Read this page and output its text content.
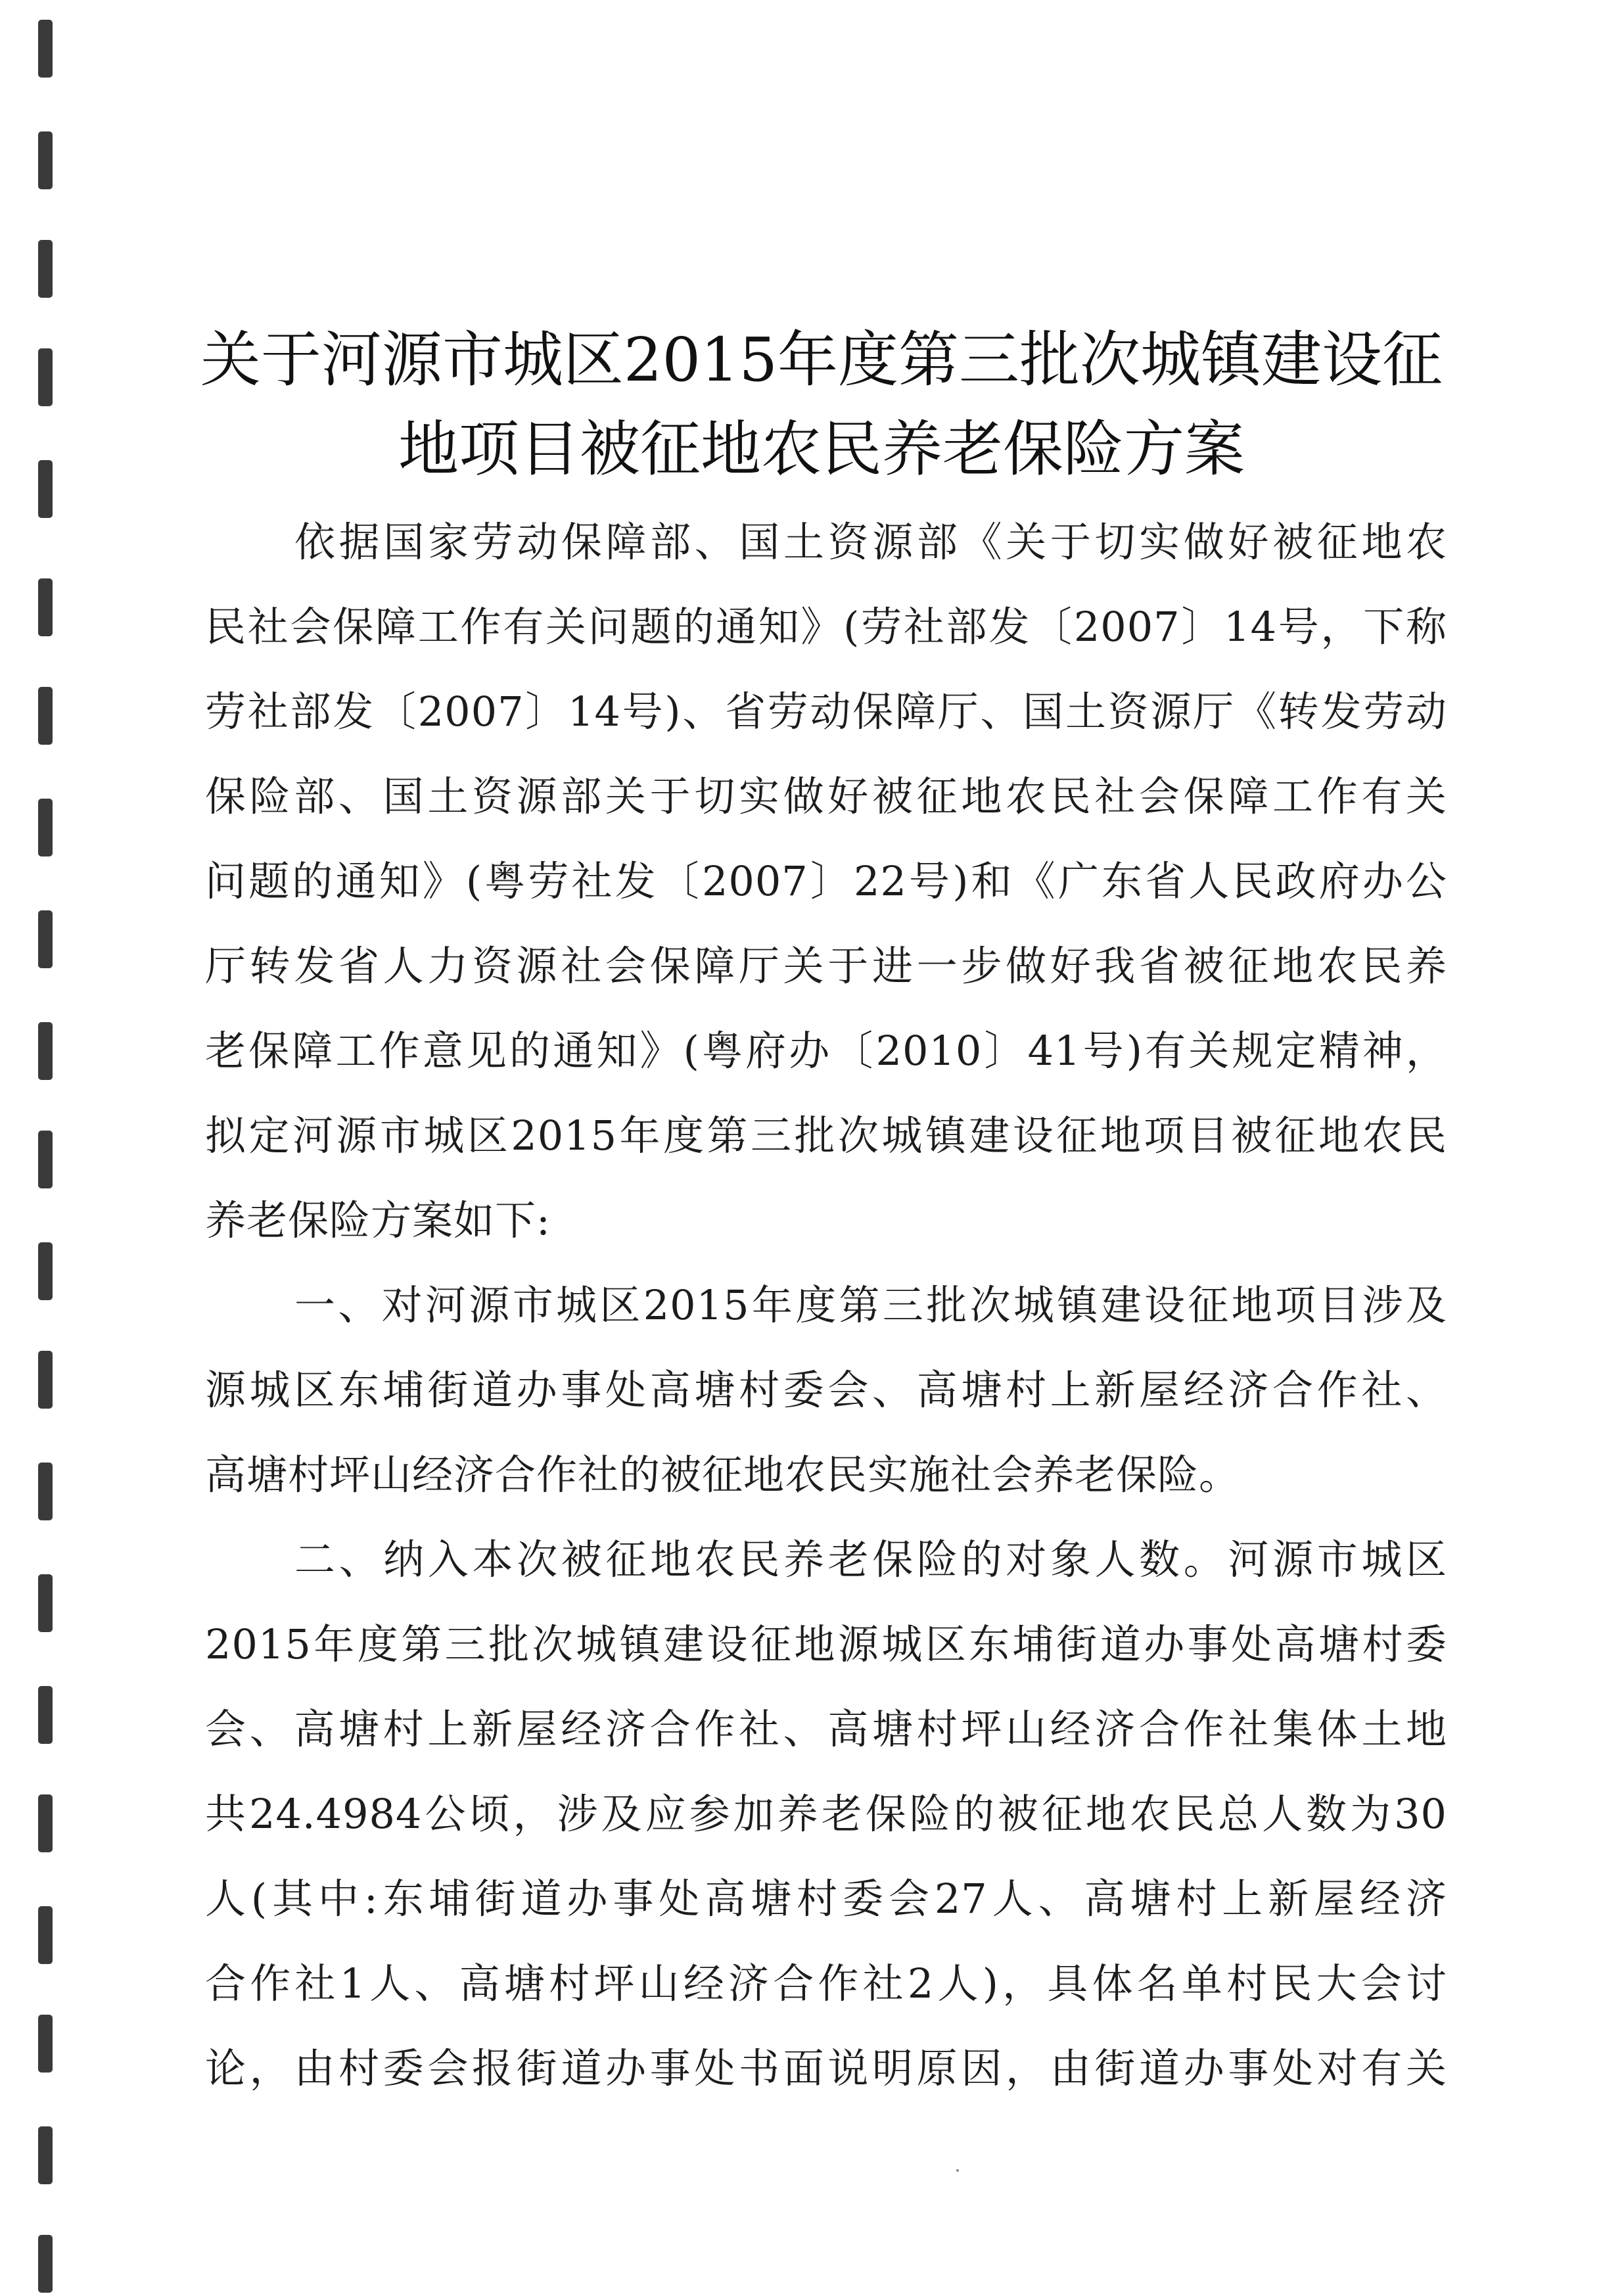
关于河源市城区2015年度第三批次城镇建设征
地项目被征地农民养老保险方案
依据国家劳动保障部、国土资源部《关于切实做好被征地农
民社会保障工作有关问题的通知》(劳社部发〔2007〕14号，下称
劳社部发〔2007〕14号)、省劳动保障厅、国土资源厅《转发劳动
保险部、国土资源部关于切实做好被征地农民社会保障工作有关
问题的通知》(粤劳社发〔2007〕22号)和《广东省人民政府办公
厅转发省人力资源社会保障厅关于进一步做好我省被征地农民养
老保障工作意见的通知》(粤府办〔2010〕41号)有关规定精神，
拟定河源市城区2015年度第三批次城镇建设征地项目被征地农民
养老保险方案如下:
一、对河源市城区2015年度第三批次城镇建设征地项目涉及
源城区东埔街道办事处高塘村委会、高塘村上新屋经济合作社、
高塘村坪山经济合作社的被征地农民实施社会养老保险。
二、纳入本次被征地农民养老保险的对象人数。河源市城区
2015年度第三批次城镇建设征地源城区东埔街道办事处高塘村委
会、高塘村上新屋经济合作社、高塘村坪山经济合作社集体土地
共24.4984公顷，涉及应参加养老保险的被征地农民总人数为30
人(其中:东埔街道办事处高塘村委会27人、高塘村上新屋经济
合作社1人、高塘村坪山经济合作社2人)，具体名单村民大会讨
论，由村委会报街道办事处书面说明原因，由街道办事处对有关
